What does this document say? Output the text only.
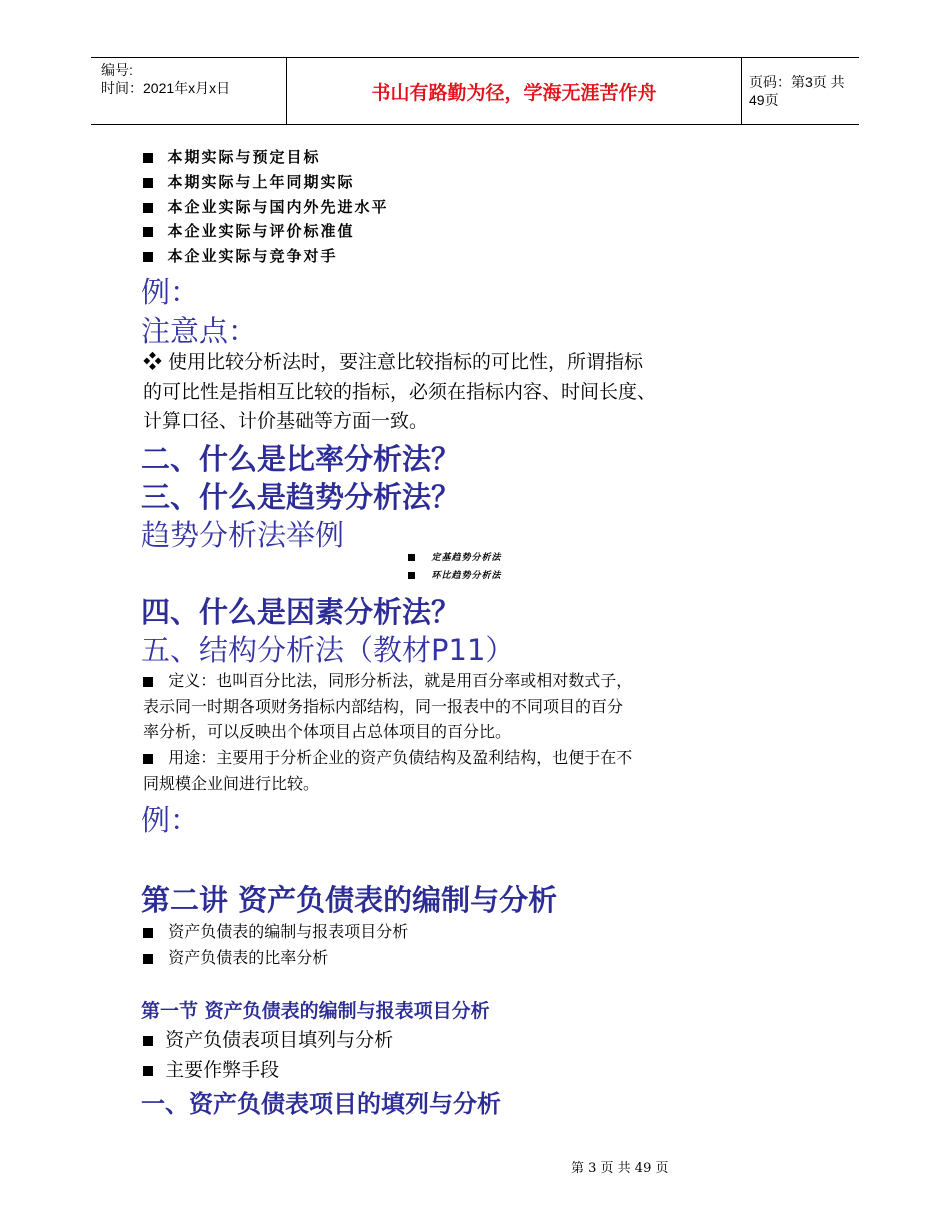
编号:
时间：2021年x月x日	书山有路勤为径，学海无涯苦作舟	页码：第3页 共49页
本期实际与预定目标
本期实际与上年同期实际
本企业实际与国内外先进水平
本企业实际与评价标准值
本企业实际与竞争对手
例：
注意点：
❖ 使用比较分析法时，要注意比较指标的可比性，所谓指标
的可比性是指相互比较的指标，必须在指标内容、时间长度、
计算口径、计价基础等方面一致。
二、什么是比率分析法？
三、什么是趋势分析法？
趋势分析法举例
定基趋势分析法
环比趋势分析法
四、什么是因素分析法？
五、结构分析法（教材P11）
定义：也叫百分比法，同形分析法，就是用百分率或相对数式子，
表示同一时期各项财务指标内部结构，同一报表中的不同项目的百分
率分析，可以反映出个体项目占总体项目的百分比。
用途：主要用于分析企业的资产负债结构及盈利结构，也便于在不
同规模企业间进行比较。
例：
第二讲 资产负债表的编制与分析
资产负债表的编制与报表项目分析
资产负债表的比率分析
第一节 资产负债表的编制与报表项目分析
资产负债表项目填列与分析
主要作弊手段
一、资产负债表项目的填列与分析
第 3 页 共 49 页
